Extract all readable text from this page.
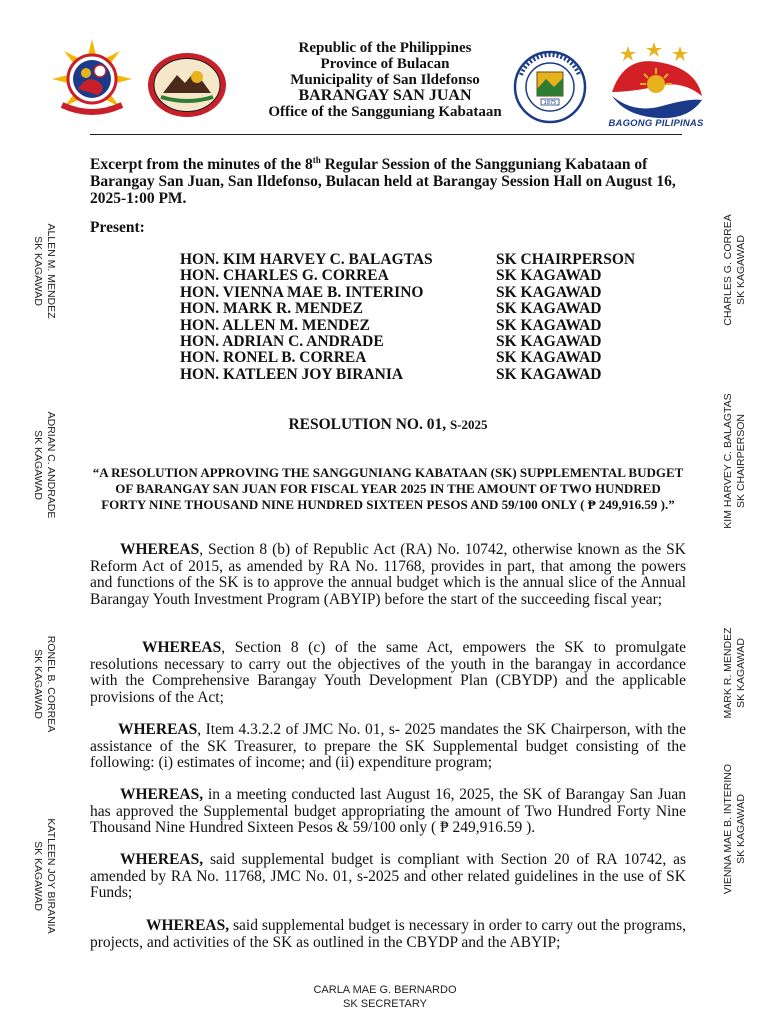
1875
BAGONG PILIPINAS
Republic of the Philippines
Province of Bulacan
Municipality of San Ildefonso
BARANGAY SAN JUAN
Office of the Sangguniang Kabataan
Excerpt from the minutes of the 8th Regular Session of the Sangguniang Kabataan of Barangay San Juan, San Ildefonso, Bulacan held at Barangay Session Hall on August 16, 2025-1:00 PM.
Present:
HON. KIM HARVEY C. BALAGTAS	SK CHAIRPERSON
HON. CHARLES G. CORREA	SK KAGAWAD
HON. VIENNA MAE B. INTERINO	SK KAGAWAD
HON. MARK R. MENDEZ	SK KAGAWAD
HON. ALLEN M. MENDEZ	SK KAGAWAD
HON. ADRIAN C. ANDRADE	SK KAGAWAD
HON. RONEL B. CORREA	SK KAGAWAD
HON. KATLEEN JOY BIRANIA	SK KAGAWAD
RESOLUTION NO. 01, S-2025
“A RESOLUTION APPROVING THE SANGGUNIANG KABATAAN (SK) SUPPLEMENTAL BUDGET OF BARANGAY SAN JUAN FOR FISCAL YEAR 2025 IN THE AMOUNT OF TWO HUNDRED FORTY NINE THOUSAND NINE HUNDRED SIXTEEN PESOS AND 59/100 ONLY ( ₱ 249,916.59 ).”
WHEREAS, Section 8 (b) of Republic Act (RA) No. 10742, otherwise known as the SK Reform Act of 2015, as amended by RA No. 11768, provides in part, that among the powers and functions of the SK is to approve the annual budget which is the annual slice of the Annual Barangay Youth Investment Program (ABYIP) before the start of the succeeding fiscal year;
WHEREAS, Section 8 (c) of the same Act, empowers the SK to promulgate resolutions necessary to carry out the objectives of the youth in the barangay in accordance with the Comprehensive Barangay Youth Development Plan (CBYDP) and the applicable provisions of the Act;
WHEREAS, Item 4.3.2.2 of JMC No. 01, s- 2025 mandates the SK Chairperson, with the assistance of the SK Treasurer, to prepare the SK Supplemental budget consisting of the following: (i) estimates of income; and (ii) expenditure program;
WHEREAS, in a meeting conducted last August 16, 2025, the SK of Barangay San Juan has approved the Supplemental budget appropriating the amount of Two Hundred Forty Nine Thousand Nine Hundred Sixteen Pesos & 59/100 only ( ₱ 249,916.59 ).
WHEREAS, said supplemental budget is compliant with Section 20 of RA 10742, as amended by RA No. 11768, JMC No. 01, s-2025 and other related guidelines in the use of SK Funds;
WHEREAS, said supplemental budget is necessary in order to carry out the programs, projects, and activities of the SK as outlined in the CBYDP and the ABYIP;
ALLEN M. MENDEZ
SK KAGAWAD
ADRIAN C. ANDRADE
SK KAGAWAD
RONEL B. CORREA
SK KAGAWAD
KATLEEN JOY BIRANIA
SK KAGAWAD
CHARLES G. CORREA SK KAGAWAD
KIM HARVEY C. BALAGTAS SK CHAIRPERSON
MARK R. MENDEZ SK KAGAWAD
VIENNA MAE B. INTERINO SK KAGAWAD
CARLA MAE G. BERNARDO
SK SECRETARY
